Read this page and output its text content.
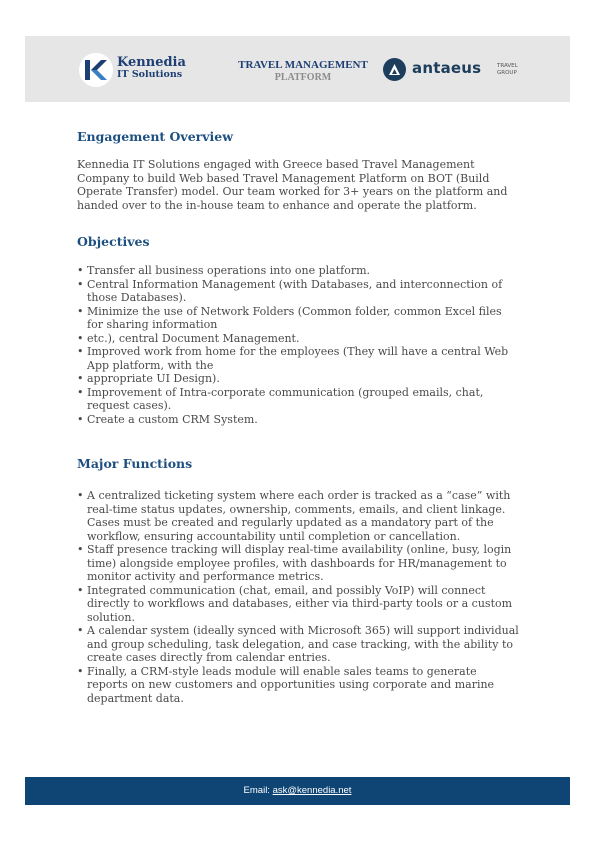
Kennedia
IT Solutions
TRAVEL MANAGEMENT
PLATFORM
antaeus	TRAVEL
GROUP
Engagement Overview

Kennedia IT Solutions engaged with Greece based Travel Management Company to build Web based Travel Management Platform on BOT (Build Operate Transfer) model. Our team worked for 3+ years on the platform and handed over to the in-house team to enhance and operate the platform.

Objectives
• Transfer all business operations into one platform.
• Central Information Management (with Databases, and interconnection of those Databases).
• Minimize the use of Network Folders (Common folder, common Excel files for sharing information
• etc.), central Document Management.
• Improved work from home for the employees (They will have a central Web App platform, with the
• appropriate UI Design).
• Improvement of Intra-corporate communication (grouped emails, chat, request cases).
• Create a custom CRM System.
Major Functions
• A centralized ticketing system where each order is tracked as a “case” with real-time status updates, ownership, comments, emails, and client linkage. Cases must be created and regularly updated as a mandatory part of the workflow, ensuring accountability until completion or cancellation.
• Staff presence tracking will display real-time availability (online, busy, login time) alongside employee profiles, with dashboards for HR/management to monitor activity and performance metrics.
• Integrated communication (chat, email, and possibly VoIP) will connect directly to workflows and databases, either via third-party tools or a custom solution.
• A calendar system (ideally synced with Microsoft 365) will support individual and group scheduling, task delegation, and case tracking, with the ability to create cases directly from calendar entries.
• Finally, a CRM-style leads module will enable sales teams to generate reports on new customers and opportunities using corporate and marine department data.
Email: ask@kennedia.net
